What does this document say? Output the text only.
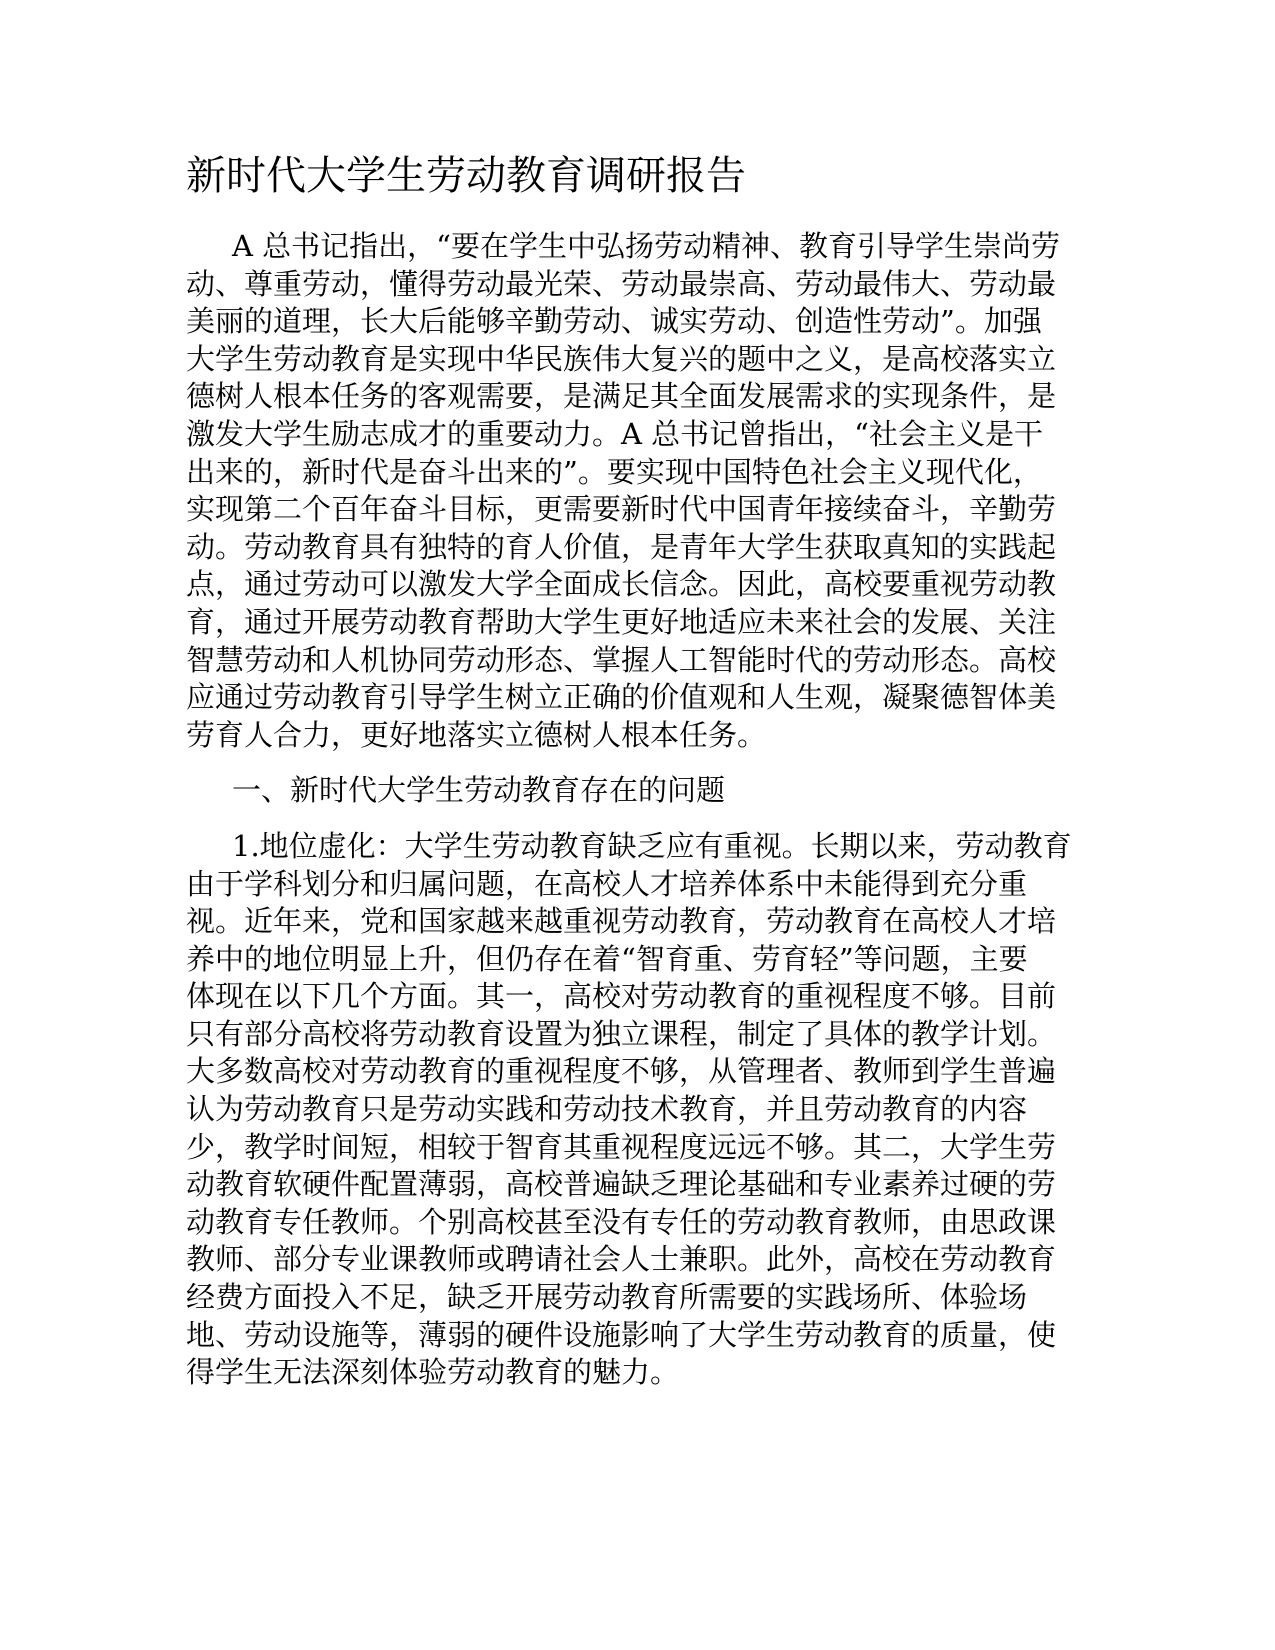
新时代大学生劳动教育调研报告

A 总书记指出，“要在学生中弘扬劳动精神、教育引导学生崇尚劳
动、尊重劳动，懂得劳动最光荣、劳动最崇高、劳动最伟大、劳动最
美丽的道理，长大后能够辛勤劳动、诚实劳动、创造性劳动”。加强
大学生劳动教育是实现中华民族伟大复兴的题中之义，是高校落实立
德树人根本任务的客观需要，是满足其全面发展需求的实现条件，是
激发大学生励志成才的重要动力。A 总书记曾指出，“社会主义是干
出来的，新时代是奋斗出来的”。要实现中国特色社会主义现代化，
实现第二个百年奋斗目标，更需要新时代中国青年接续奋斗，辛勤劳
动。劳动教育具有独特的育人价值，是青年大学生获取真知的实践起
点，通过劳动可以激发大学全面成长信念。因此，高校要重视劳动教
育，通过开展劳动教育帮助大学生更好地适应未来社会的发展、关注
智慧劳动和人机协同劳动形态、掌握人工智能时代的劳动形态。高校
应通过劳动教育引导学生树立正确的价值观和人生观，凝聚德智体美
劳育人合力，更好地落实立德树人根本任务。

一、新时代大学生劳动教育存在的问题

1.地位虚化：大学生劳动教育缺乏应有重视。长期以来，劳动教育
由于学科划分和归属问题，在高校人才培养体系中未能得到充分重
视。近年来，党和国家越来越重视劳动教育，劳动教育在高校人才培
养中的地位明显上升，但仍存在着“智育重、劳育轻”等问题，主要
体现在以下几个方面。其一，高校对劳动教育的重视程度不够。目前
只有部分高校将劳动教育设置为独立课程，制定了具体的教学计划。
大多数高校对劳动教育的重视程度不够，从管理者、教师到学生普遍
认为劳动教育只是劳动实践和劳动技术教育，并且劳动教育的内容
少，教学时间短，相较于智育其重视程度远远不够。其二，大学生劳
动教育软硬件配置薄弱，高校普遍缺乏理论基础和专业素养过硬的劳
动教育专任教师。个别高校甚至没有专任的劳动教育教师，由思政课
教师、部分专业课教师或聘请社会人士兼职。此外，高校在劳动教育
经费方面投入不足，缺乏开展劳动教育所需要的实践场所、体验场
地、劳动设施等，薄弱的硬件设施影响了大学生劳动教育的质量，使
得学生无法深刻体验劳动教育的魅力。
